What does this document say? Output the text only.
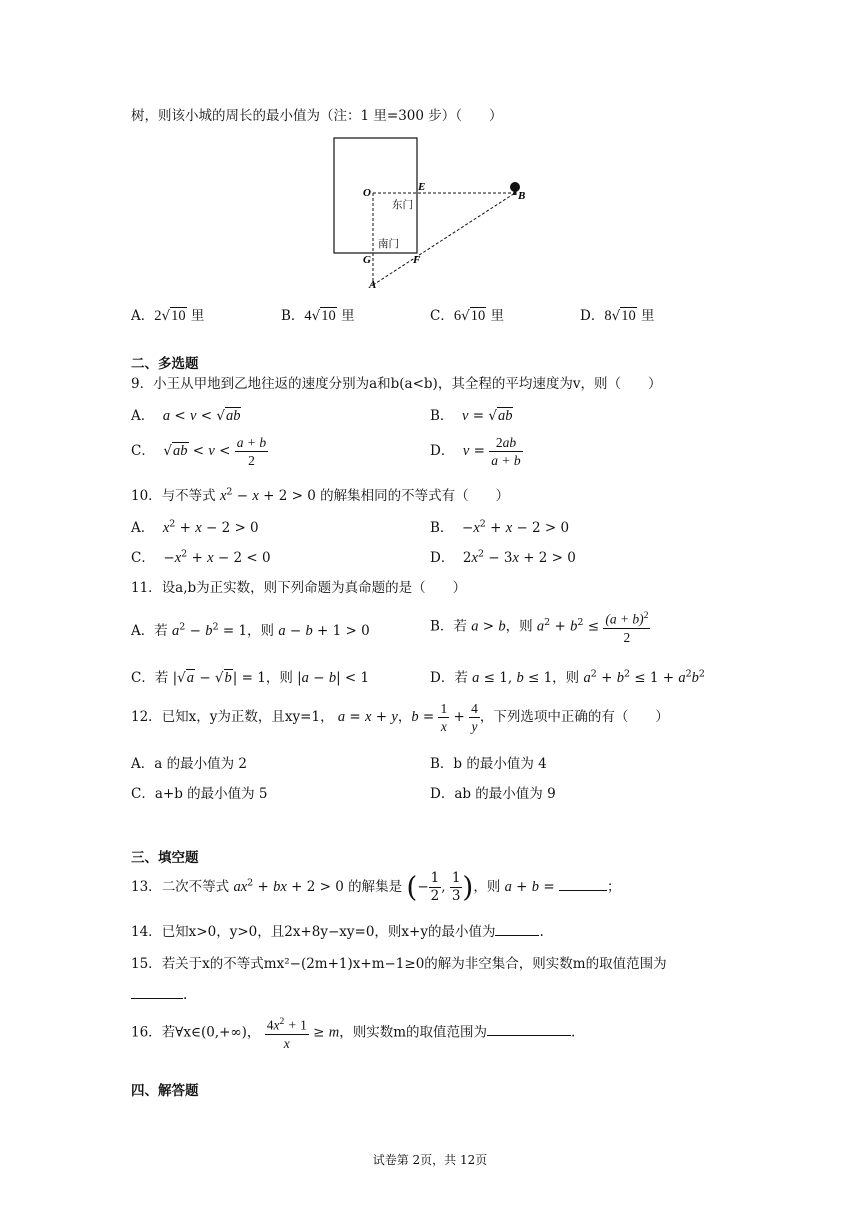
树，则该小城的周长的最小值为（注：1 里=300 步）（　　）
O	E
B
G	F
A
东门
南门
A．2√10 里	B．4√10 里	C．6√10 里	D．8√10 里
二、多选题
9．小王从甲地到乙地往返的速度分别为a和b(a<b)，其全程的平均速度为v，则（　　）
A．  a < v < √ab	B．  v = √ab
C．  $√ab < v < \frac{a + b}{2}$	D．  $v = \frac{2ab}{a + b}$
10．与不等式 $x^2 - x + 2 > 0$ 的解集相同的不等式有（　　）
A．  $x^2 + x - 2 > 0$	B．  $-x^2 + x - 2 > 0$
C．  $-x^2 + x - 2 < 0$	D．  $2x^2 - 3x + 2 > 0$
11．设a,b为正实数，则下列命题为真命题的是（　　）
A．若 $a^2 - b^2 = 1$，则 a − b + 1 > 0	B．若 a > b，则 $a^2 + b^2 \le \frac{(a + b)^2}{2}$
C．若 |√a − √b| = 1，则 |a − b| < 1	D．若 a ≤ 1, b ≤ 1，则 $a^2 + b^2 \le 1 + a^2b^2$
12．已知x，y为正数，且xy=1， a = x + y，$b = \frac{1}{x} + \frac{4}{y}$ ，下列选项中正确的有（　　）
A．a 的最小值为 2	B．b 的最小值为 4
C．a+b 的最小值为 5	D．ab 的最小值为 9
三、填空题
13．二次不等式 $ax^2$ + bx + 2 > 0 的解集是 (− $\frac{1}{2}$ , $\frac{1}{3}$ )，则 a + b =	；
14．已知x>0，y>0，且2x+8y−xy=0，则x+y的最小值为	.
15．若关于x的不等式mx²−(2m+1)x+m−1≥0的解为非空集合，则实数m的取值范围为
.
16．若∀x∈(0,+∞)， $\frac{4x^2 + 1}{x} \ge m$，则实数m的取值范围为	.
四、解答题
试卷第 2页，共 12页
